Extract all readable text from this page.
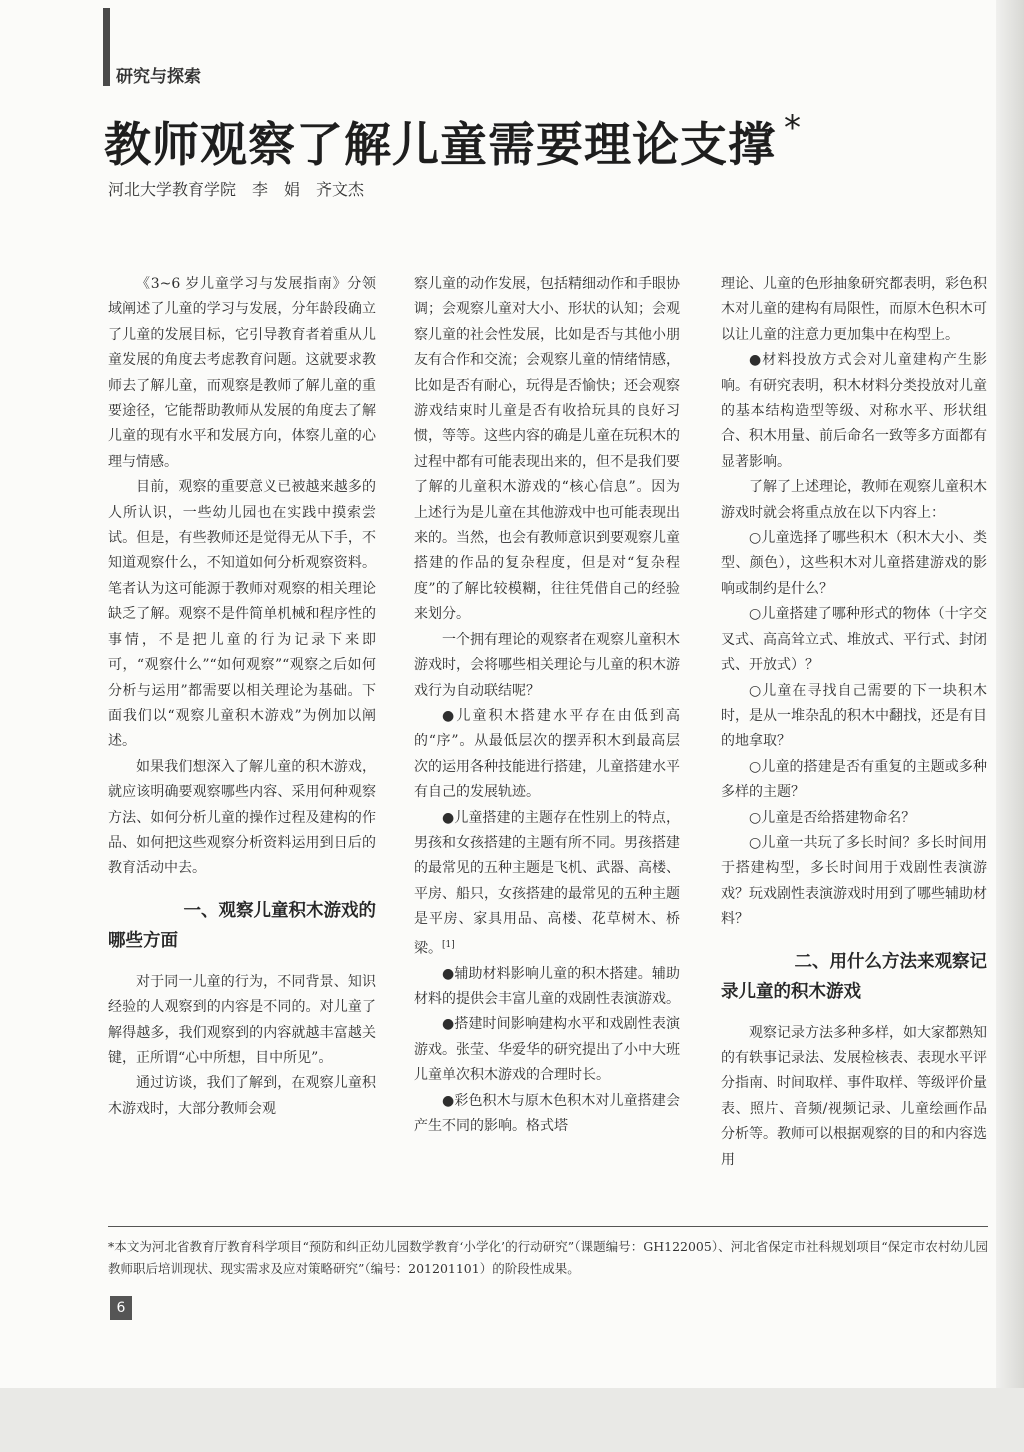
研究与探索
教师观察了解儿童需要理论支撑 *
河北大学教育学院　李　娟　齐文杰

《3~6 岁儿童学习与发展指南》分领域阐述了儿童的学习与发展，分年龄段确立了儿童的发展目标，它引导教育者着重从儿童发展的角度去考虑教育问题。这就要求教师去了解儿童，而观察是教师了解儿童的重要途径，它能帮助教师从发展的角度去了解儿童的现有水平和发展方向，体察儿童的心理与情感。

目前，观察的重要意义已被越来越多的人所认识，一些幼儿园也在实践中摸索尝试。但是，有些教师还是觉得无从下手，不知道观察什么，不知道如何分析观察资料。笔者认为这可能源于教师对观察的相关理论缺乏了解。观察不是件简单机械和程序性的事情，不是把儿童的行为记录下来即可，“观察什么”“如何观察”“观察之后如何分析与运用”都需要以相关理论为基础。下面我们以“观察儿童积木游戏”为例加以阐述。

如果我们想深入了解儿童的积木游戏，就应该明确要观察哪些内容、采用何种观察方法、如何分析儿童的操作过程及建构的作品、如何把这些观察分析资料运用到日后的教育活动中去。

一、观察儿童积木游戏的
哪些方面

对于同一儿童的行为，不同背景、知识经验的人观察到的内容是不同的。对儿童了解得越多，我们观察到的内容就越丰富越关键，正所谓“心中所想，目中所见”。

通过访谈，我们了解到，在观察儿童积木游戏时，大部分教师会观

察儿童的动作发展，包括精细动作和手眼协调；会观察儿童对大小、形状的认知；会观察儿童的社会性发展，比如是否与其他小朋友有合作和交流；会观察儿童的情绪情感，比如是否有耐心，玩得是否愉快；还会观察游戏结束时儿童是否有收拾玩具的良好习惯，等等。这些内容的确是儿童在玩积木的过程中都有可能表现出来的，但不是我们要了解的儿童积木游戏的“核心信息”。因为上述行为是儿童在其他游戏中也可能表现出来的。当然，也会有教师意识到要观察儿童搭建的作品的复杂程度，但是对“复杂程度”的了解比较模糊，往往凭借自己的经验来划分。

一个拥有理论的观察者在观察儿童积木游戏时，会将哪些相关理论与儿童的积木游戏行为自动联结呢？

●儿童积木搭建水平存在由低到高的“序”。从最低层次的摆弄积木到最高层次的运用各种技能进行搭建，儿童搭建水平有自己的发展轨迹。

●儿童搭建的主题存在性别上的特点，男孩和女孩搭建的主题有所不同。男孩搭建的最常见的五种主题是飞机、武器、高楼、平房、船只，女孩搭建的最常见的五种主题是平房、家具用品、高楼、花草树木、桥梁。[1]

●辅助材料影响儿童的积木搭建。辅助材料的提供会丰富儿童的戏剧性表演游戏。

●搭建时间影响建构水平和戏剧性表演游戏。张莹、华爱华的研究提出了小中大班儿童单次积木游戏的合理时长。

●彩色积木与原木色积木对儿童搭建会产生不同的影响。格式塔

理论、儿童的色形抽象研究都表明，彩色积木对儿童的建构有局限性，而原木色积木可以让儿童的注意力更加集中在构型上。

●材料投放方式会对儿童建构产生影响。有研究表明，积木材料分类投放对儿童的基本结构造型等级、对称水平、形状组合、积木用量、前后命名一致等多方面都有显著影响。

了解了上述理论，教师在观察儿童积木游戏时就会将重点放在以下内容上：

○儿童选择了哪些积木（积木大小、类型、颜色），这些积木对儿童搭建游戏的影响或制约是什么？

○儿童搭建了哪种形式的物体（十字交叉式、高高耸立式、堆放式、平行式、封闭式、开放式）？

○儿童在寻找自己需要的下一块积木时，是从一堆杂乱的积木中翻找，还是有目的地拿取？

○儿童的搭建是否有重复的主题或多种多样的主题？

○儿童是否给搭建物命名？

○儿童一共玩了多长时间？多长时间用于搭建构型，多长时间用于戏剧性表演游戏？玩戏剧性表演游戏时用到了哪些辅助材料？

二、用什么方法来观察记
录儿童的积木游戏

观察记录方法多种多样，如大家都熟知的有轶事记录法、发展检核表、表现水平评分指南、时间取样、事件取样、等级评价量表、照片、音频/视频记录、儿童绘画作品分析等。教师可以根据观察的目的和内容选用

*本文为河北省教育厅教育科学项目“预防和纠正幼儿园数学教育‘小学化’的行动研究”（课题编号：GH122005）、河北省保定市社科规划项目“保定市农村幼儿园教师职后培训现状、现实需求及应对策略研究”（编号：201201101）的阶段性成果。
6
